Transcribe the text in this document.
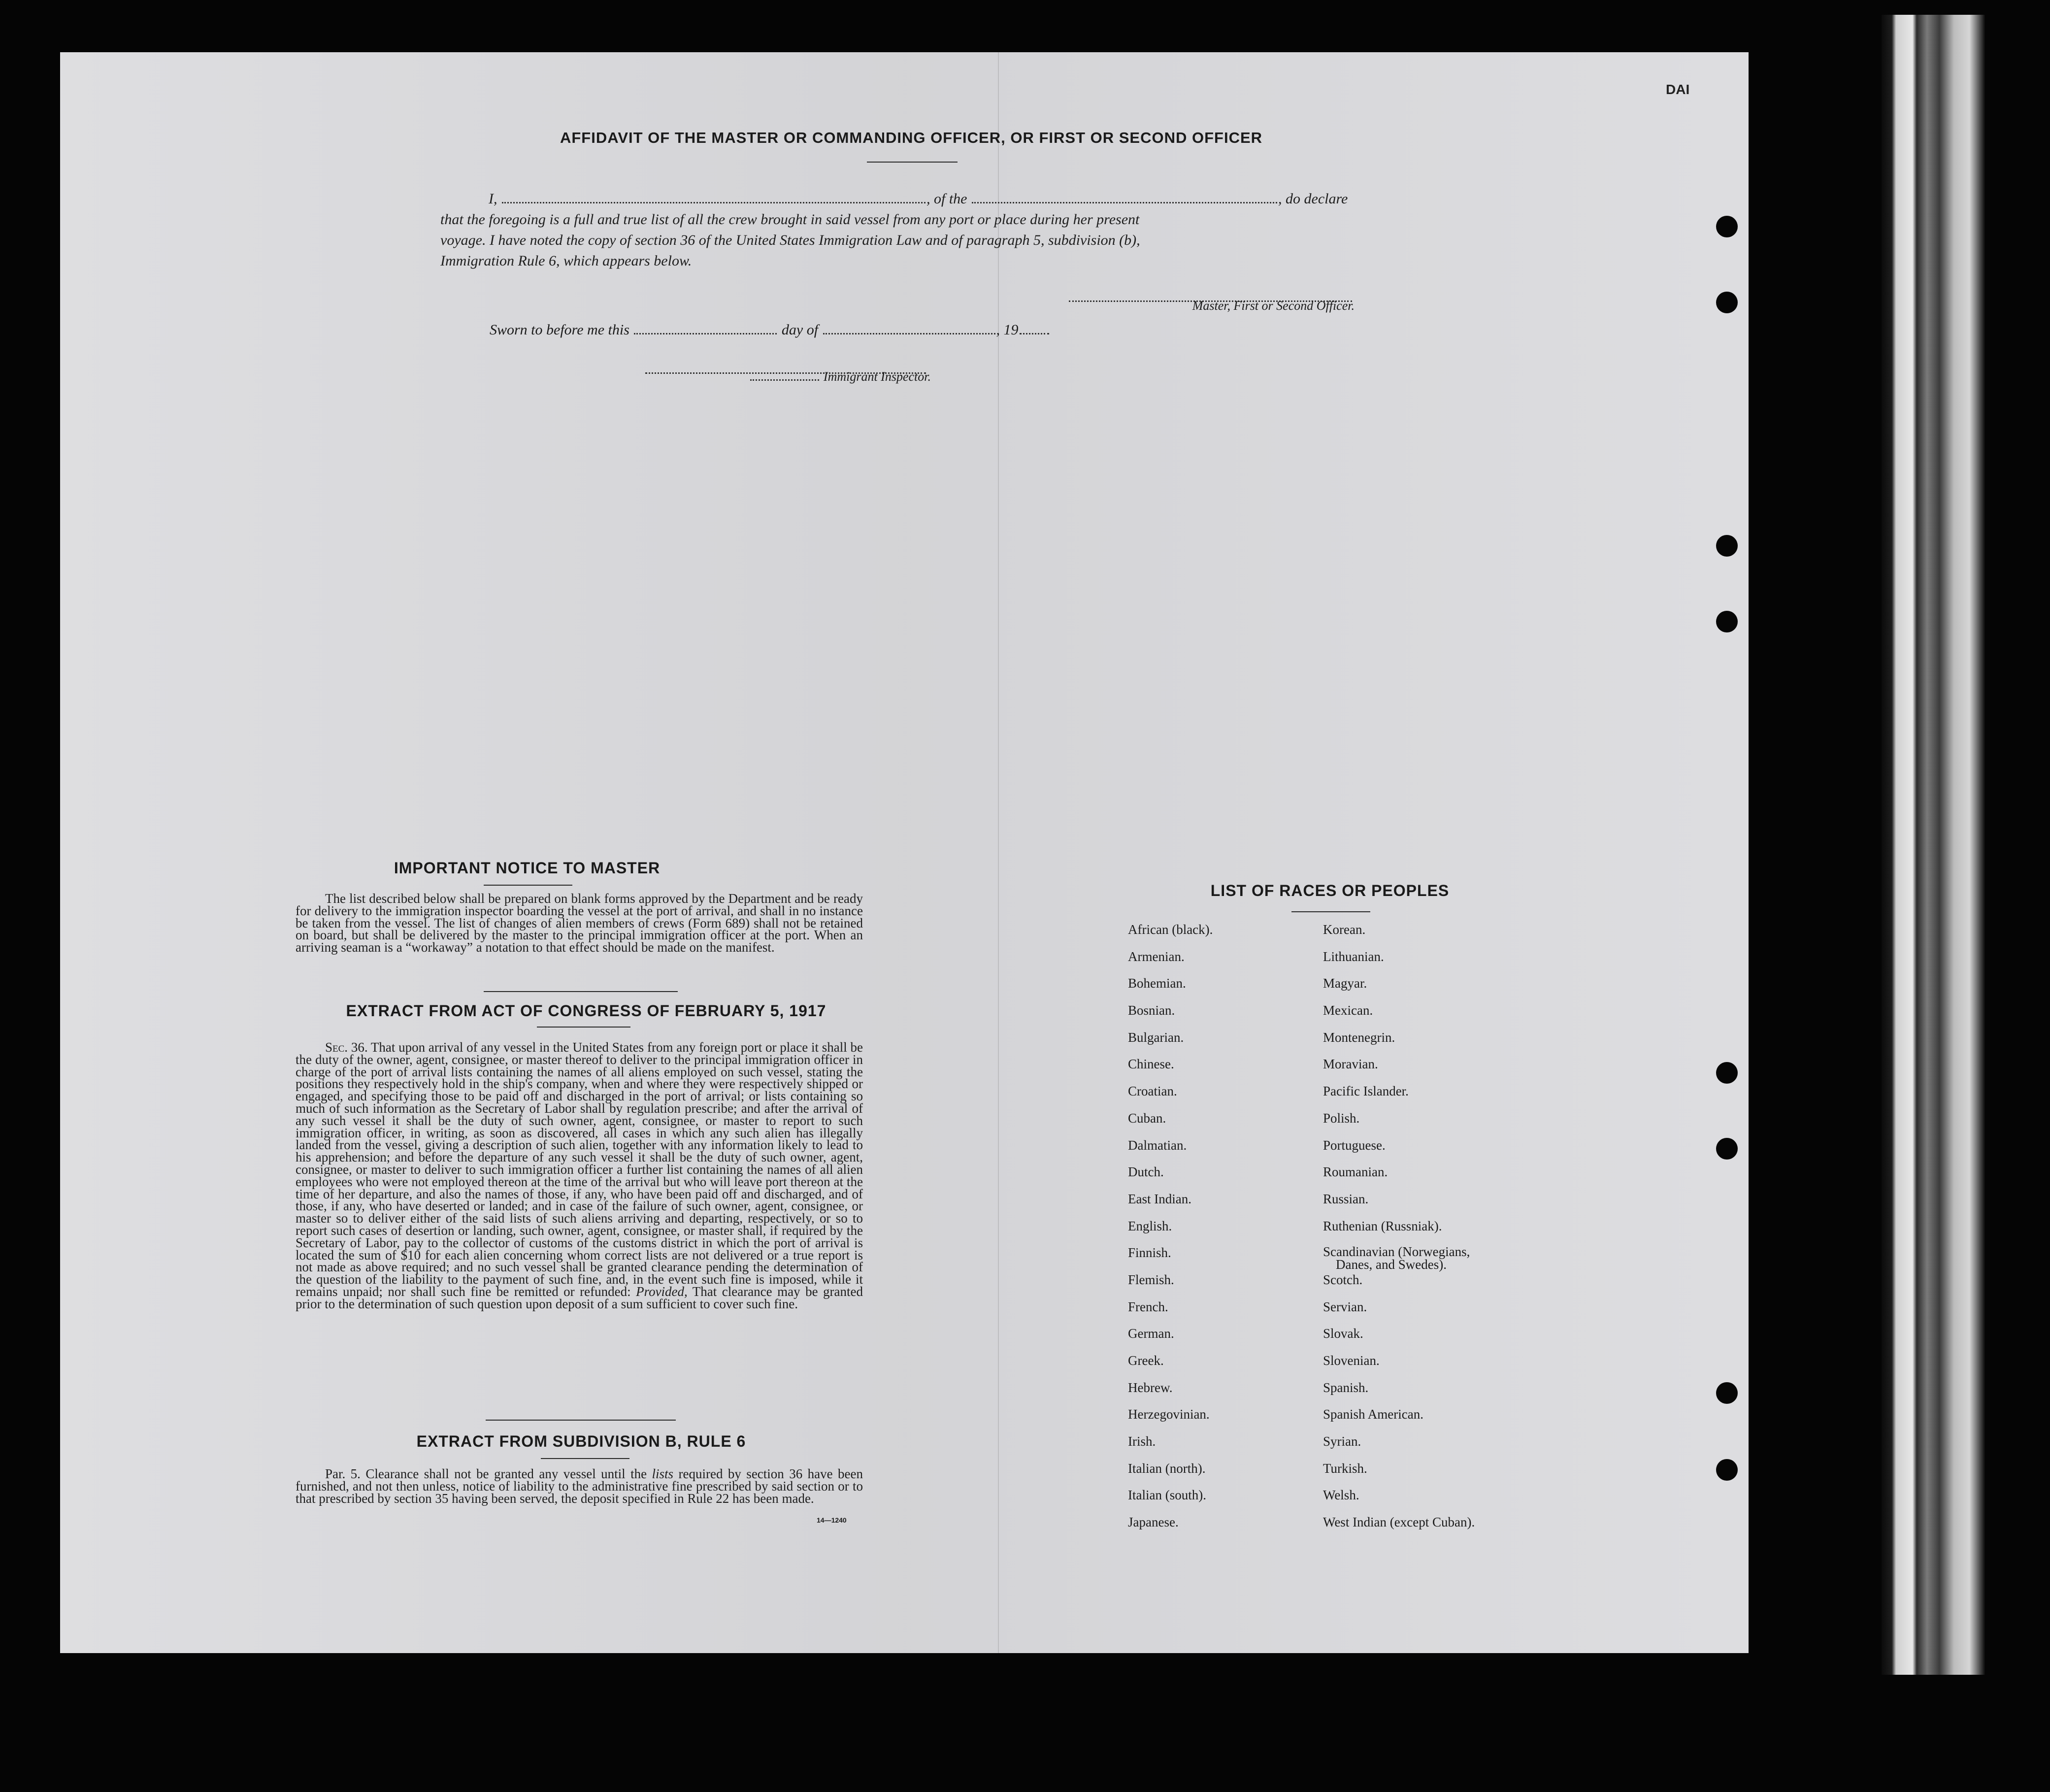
DAI
AFFIDAVIT OF THE MASTER OR COMMANDING OFFICER, OR FIRST OR SECOND OFFICER
I,	, of the	, do declare
that the foregoing is a full and true list of all the crew brought in said vessel from any port or place during her present
voyage. I have noted the copy of section 36 of the United States Immigration Law and of paragraph 5, subdivision (b),
Immigration Rule 6, which appears below.
Master, First or Second Officer.
Sworn to before me this	day of	, 19
Immigrant Inspector.
IMPORTANT NOTICE TO MASTER
The list described below shall be prepared on blank forms approved by the Department and be ready for delivery to the immigration inspector boarding the vessel at the port of arrival, and shall in no instance be taken from the vessel. The list of changes of alien members of crews (Form 689) shall not be retained on board, but shall be delivered by the master to the principal immigration officer at the port. When an arriving seaman is a “workaway” a notation to that effect should be made on the manifest.
EXTRACT FROM ACT OF CONGRESS OF FEBRUARY 5, 1917
Sec. 36. That upon arrival of any vessel in the United States from any foreign port or place it shall be the duty of the owner, agent, consignee, or master thereof to deliver to the principal immigration officer in charge of the port of arrival lists containing the names of all aliens employed on such vessel, stating the positions they respectively hold in the ship's company, when and where they were respectively shipped or engaged, and specifying those to be paid off and discharged in the port of arrival; or lists containing so much of such information as the Secretary of Labor shall by regulation prescribe; and after the arrival of any such vessel it shall be the duty of such owner, agent, consignee, or master to report to such immigration officer, in writing, as soon as discovered, all cases in which any such alien has illegally landed from the vessel, giving a description of such alien, together with any information likely to lead to his apprehension; and before the departure of any such vessel it shall be the duty of such owner, agent, consignee, or master to deliver to such immigration officer a further list containing the names of all alien employees who were not employed thereon at the time of the arrival but who will leave port thereon at the time of her departure, and also the names of those, if any, who have been paid off and discharged, and of those, if any, who have deserted or landed; and in case of the failure of such owner, agent, consignee, or master so to deliver either of the said lists of such aliens arriving and departing, respectively, or so to report such cases of desertion or landing, such owner, agent, consignee, or master shall, if required by the Secretary of Labor, pay to the collector of customs of the customs district in which the port of arrival is located the sum of $10 for each alien concerning whom correct lists are not delivered or a true report is not made as above required; and no such vessel shall be granted clearance pending the determination of the question of the liability to the payment of such fine, and, in the event such fine is imposed, while it remains unpaid; nor shall such fine be remitted or refunded: Provided, That clearance may be granted prior to the determination of such question upon deposit of a sum sufficient to cover such fine.
EXTRACT FROM SUBDIVISION B, RULE 6
Par. 5. Clearance shall not be granted any vessel until the lists required by section 36 have been furnished, and not then unless, notice of liability to the administrative fine prescribed by said section or to that prescribed by section 35 having been served, the deposit specified in Rule 22 has been made.
14—1240
LIST OF RACES OR PEOPLES
African (black).
Armenian.
Bohemian.
Bosnian.
Bulgarian.
Chinese.
Croatian.
Cuban.
Dalmatian.
Dutch.
East Indian.
English.
Finnish.
Flemish.
French.
German.
Greek.
Hebrew.
Herzegovinian.
Irish.
Italian (north).
Italian (south).
Japanese.
Korean.
Lithuanian.
Magyar.
Mexican.
Montenegrin.
Moravian.
Pacific Islander.
Polish.
Portuguese.
Roumanian.
Russian.
Ruthenian (Russniak).
Scandinavian (Norwegians,
Danes, and Swedes).
Scotch.
Servian.
Slovak.
Slovenian.
Spanish.
Spanish American.
Syrian.
Turkish.
Welsh.
West Indian (except Cuban).
